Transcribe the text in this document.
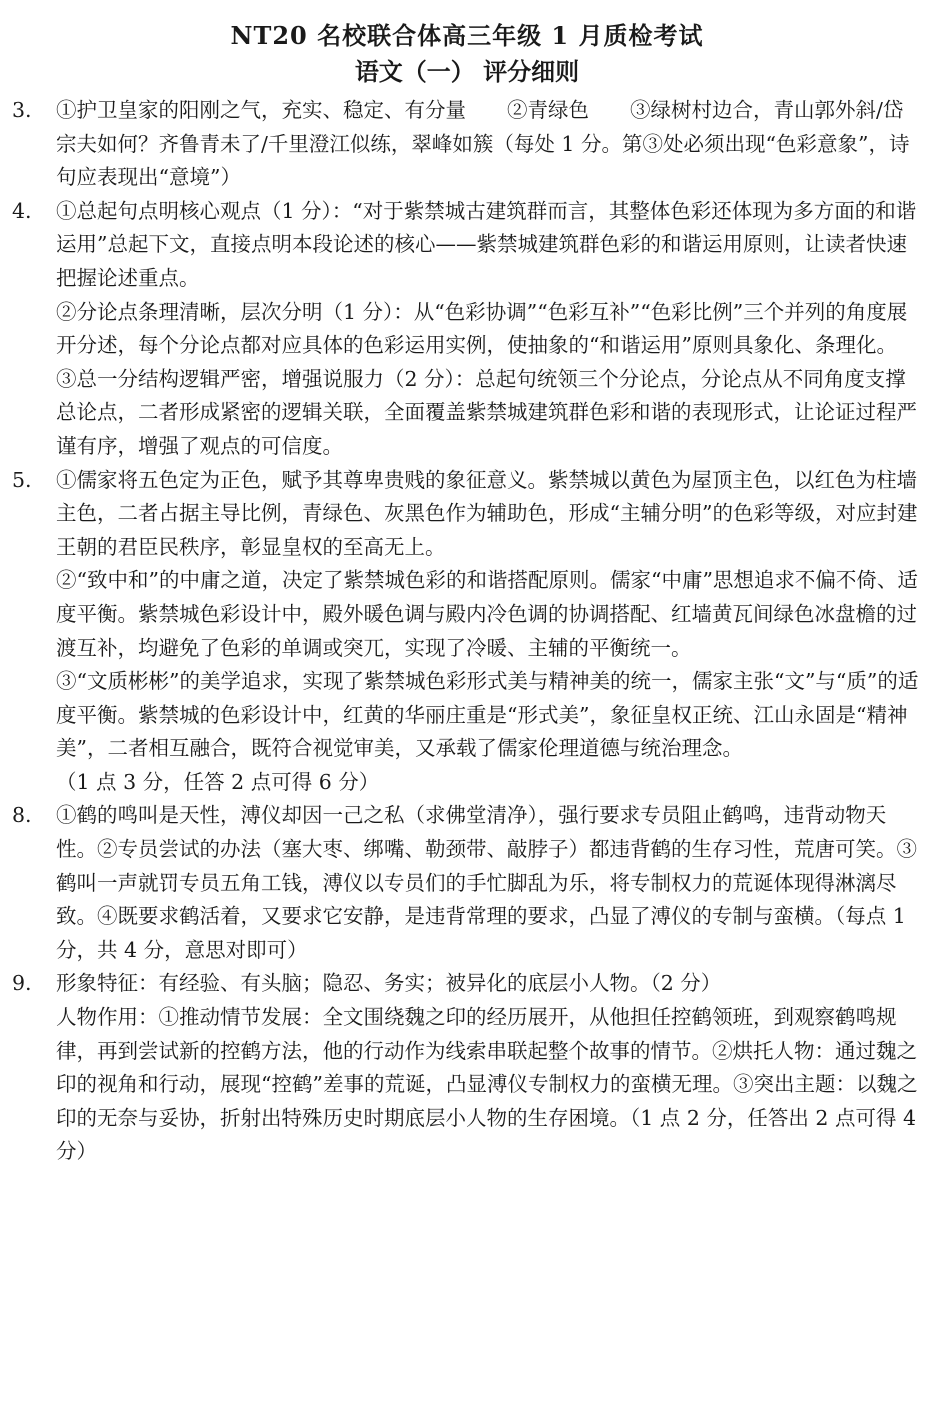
NT20 名校联合体高三年级 1 月质检考试
语文（一） 评分细则
3.	①护卫皇家的阳刚之气，充实、稳定、有分量　　②青绿色　　③绿树村边合，青山郭外斜/岱宗夫如何？齐鲁青未了/千里澄江似练，翠峰如簇（每处 1 分。第③处必须出现“色彩意象”，诗句应表现出“意境”）

4.	①总起句点明核心观点（1 分）：“对于紫禁城古建筑群而言，其整体色彩还体现为多方面的和谐运用”总起下文，直接点明本段论述的核心——紫禁城建筑群色彩的和谐运用原则，让读者快速把握论述重点。

②分论点条理清晰，层次分明（1 分）：从“色彩协调”“色彩互补”“色彩比例”三个并列的角度展开分述，每个分论点都对应具体的色彩运用实例，使抽象的“和谐运用”原则具象化、条理化。

③总一分结构逻辑严密，增强说服力（2 分）：总起句统领三个分论点，分论点从不同角度支撑总论点，二者形成紧密的逻辑关联，全面覆盖紫禁城建筑群色彩和谐的表现形式，让论证过程严谨有序，增强了观点的可信度。

5.	①儒家将五色定为正色，赋予其尊卑贵贱的象征意义。紫禁城以黄色为屋顶主色，以红色为柱墙主色，二者占据主导比例，青绿色、灰黑色作为辅助色，形成“主辅分明”的色彩等级，对应封建王朝的君臣民秩序，彰显皇权的至高无上。

②“致中和”的中庸之道，决定了紫禁城色彩的和谐搭配原则。儒家“中庸”思想追求不偏不倚、适度平衡。紫禁城色彩设计中，殿外暖色调与殿内冷色调的协调搭配、红墙黄瓦间绿色冰盘檐的过渡互补，均避免了色彩的单调或突兀，实现了冷暖、主辅的平衡统一。

③“文质彬彬”的美学追求，实现了紫禁城色彩形式美与精神美的统一，儒家主张“文”与“质”的适度平衡。紫禁城的色彩设计中，红黄的华丽庄重是“形式美”，象征皇权正统、江山永固是“精神美”，二者相互融合，既符合视觉审美，又承载了儒家伦理道德与统治理念。

（1 点 3 分，任答 2 点可得 6 分）

8.	①鹤的鸣叫是天性，溥仪却因一己之私（求佛堂清净），强行要求专员阻止鹤鸣，违背动物天性。②专员尝试的办法（塞大枣、绑嘴、勒颈带、敲脖子）都违背鹤的生存习性，荒唐可笑。③鹤叫一声就罚专员五角工钱，溥仪以专员们的手忙脚乱为乐，将专制权力的荒诞体现得淋漓尽致。④既要求鹤活着，又要求它安静，是违背常理的要求，凸显了溥仪的专制与蛮横。（每点 1 分，共 4 分，意思对即可）

9.	形象特征：有经验、有头脑；隐忍、务实；被异化的底层小人物。（2 分）

人物作用：①推动情节发展：全文围绕魏之印的经历展开，从他担任控鹤领班，到观察鹤鸣规律，再到尝试新的控鹤方法，他的行动作为线索串联起整个故事的情节。②烘托人物：通过魏之印的视角和行动，展现“控鹤”差事的荒诞，凸显溥仪专制权力的蛮横无理。③突出主题：以魏之印的无奈与妥协，折射出特殊历史时期底层小人物的生存困境。（1 点 2 分，任答出 2 点可得 4 分）
